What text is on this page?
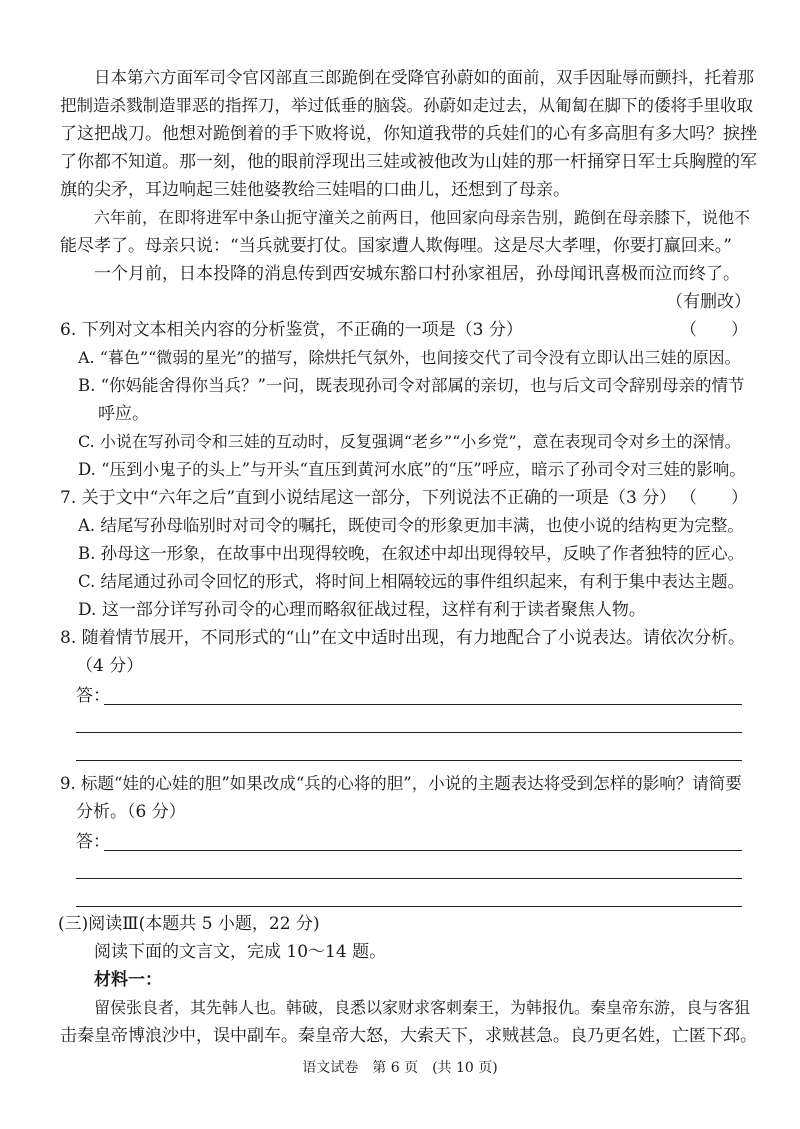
日本第六方面军司令官冈部直三郎跪倒在受降官孙蔚如的面前，双手因耻辱而颤抖，托着那
把制造杀戮制造罪恶的指挥刀，举过低垂的脑袋。孙蔚如走过去，从匍匐在脚下的倭将手里收取
了这把战刀。他想对跪倒着的手下败将说，你知道我带的兵娃们的心有多高胆有多大吗？捩挫
了你都不知道。那一刻，他的眼前浮现出三娃或被他改为山娃的那一杆捅穿日军士兵胸膛的军
旗的尖矛，耳边响起三娃他婆教给三娃唱的口曲儿，还想到了母亲。
六年前，在即将进军中条山扼守潼关之前两日，他回家向母亲告别，跪倒在母亲膝下，说他不
能尽孝了。母亲只说：“当兵就要打仗。国家遭人欺侮哩。这是尽大孝哩，你要打赢回来。”
一个月前，日本投降的消息传到西安城东豁口村孙家祖居，孙母闻讯喜极而泣而终了。
（有删改）
6. 下列对文本相关内容的分析鉴赏，不正确的一项是（3 分）	（　　）
A. “暮色”“微弱的星光”的描写，除烘托气氛外，也间接交代了司令没有立即认出三娃的原因。
B. “你妈能舍得你当兵？”一问，既表现孙司令对部属的亲切，也与后文司令辞别母亲的情节
呼应。
C. 小说在写孙司令和三娃的互动时，反复强调“老乡”“小乡党”，意在表现司令对乡土的深情。
D. “压到小鬼子的头上”与开头“直压到黄河水底”的“压”呼应，暗示了孙司令对三娃的影响。
7. 关于文中“六年之后”直到小说结尾这一部分，下列说法不正确的一项是（3 分） （　　）
A. 结尾写孙母临别时对司令的嘱托，既使司令的形象更加丰满，也使小说的结构更为完整。
B. 孙母这一形象，在故事中出现得较晚，在叙述中却出现得较早，反映了作者独特的匠心。
C. 结尾通过孙司令回忆的形式，将时间上相隔较远的事件组织起来，有利于集中表达主题。
D. 这一部分详写孙司令的心理而略叙征战过程，这样有利于读者聚焦人物。
8. 随着情节展开，不同形式的“山”在文中适时出现，有力地配合了小说表达。请依次分析。
（4 分）
答：
9. 标题“娃的心娃的胆”如果改成“兵的心将的胆”，小说的主题表达将受到怎样的影响？请简要
分析。（6 分）
答：
(三)阅读Ⅲ(本题共 5 小题，22 分)
阅读下面的文言文，完成 10～14 题。
材料一：
留侯张良者，其先韩人也。韩破，良悉以家财求客刺秦王，为韩报仇。秦皇帝东游，良与客狙
击秦皇帝博浪沙中，误中副车。秦皇帝大怒，大索天下，求贼甚急。良乃更名姓，亡匿下邳。
语文试卷　第 6 页　(共 10 页)
